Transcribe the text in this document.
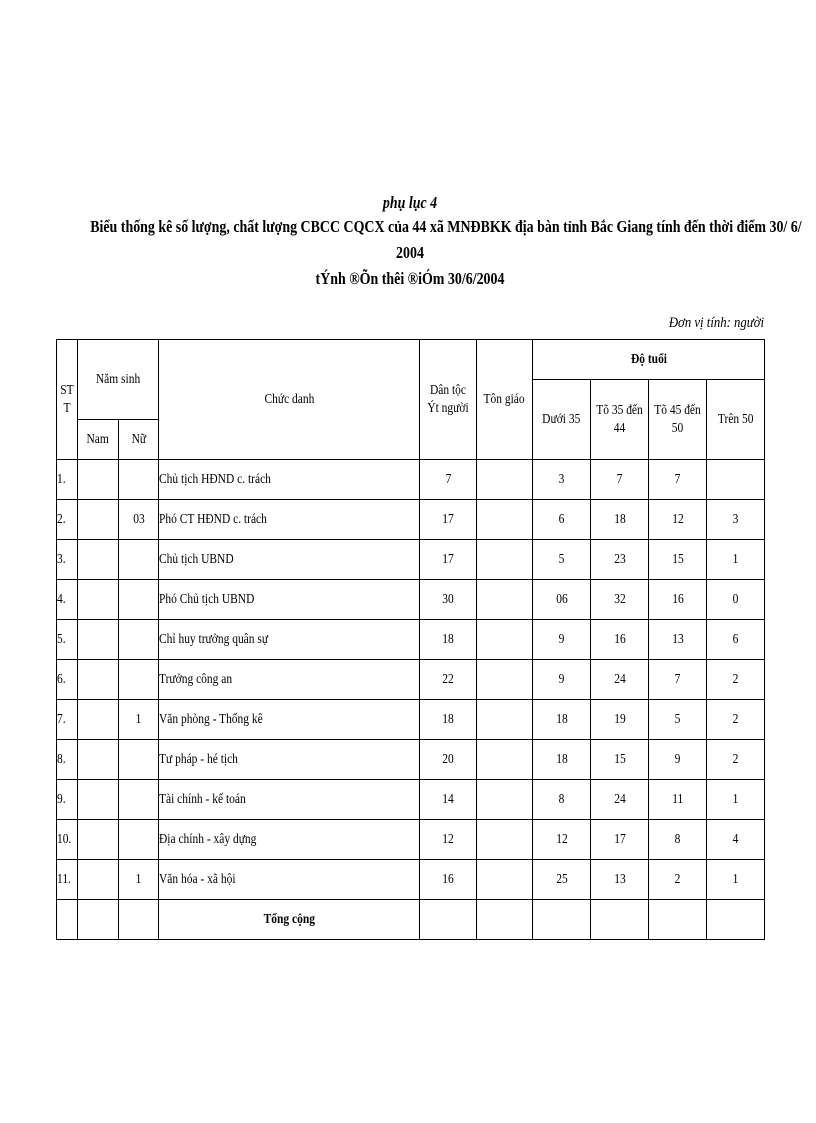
phụ lục 4
Biểu thống kê số lượng, chất lượng CBCC CQCX của 44 xã MNĐBKK địa bàn tỉnh Bắc Giang tính đến thời điểm 30/ 6/
2004
tÝnh ®Õn thêi ®iÓm 30/6/2004
Đơn vị tính: người
ST T	Năm sinh		Chức danh	Dân tộc Ýt người	Tôn giáo	Độ tuổi			
						Dưới 35	Tõ 35 đến 44	Tõ 45 đến 50	Trên 50
	Nam	Nữ							
1.			Chủ tịch HĐND c. trách	7		3	7	7	
2.		03	Phó CT HĐND c. trách	17		6	18	12	3
3.			Chủ tịch UBND	17		5	23	15	1
4.			Phó Chủ tịch UBND	30		06	32	16	0
5.			Chỉ huy trưởng quân sự	18		9	16	13	6
6.			Trưởng công an	22		9	24	7	2
7.		1	Văn phòng - Thống kê	18		18	19	5	2
8.			Tư pháp - hé tịch	20		18	15	9	2
9.			Tài chính - kế toán	14		8	24	11	1
10.			Địa chính - xây dựng	12		12	17	8	4
11.		1	Văn hóa - xã hội	16		25	13	2	1
			Tổng cộng						
